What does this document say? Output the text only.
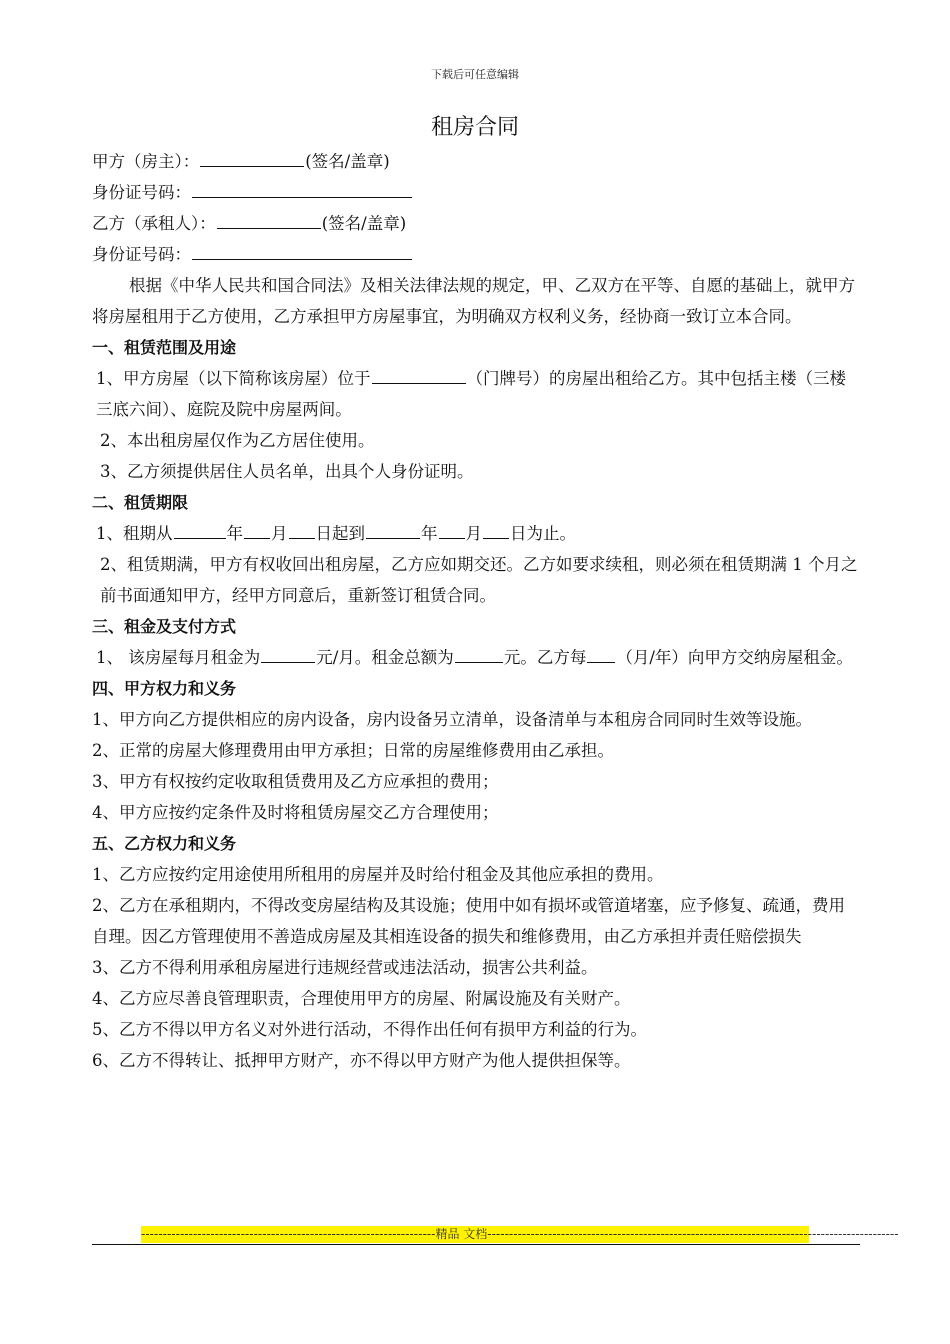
下载后可任意编辑
租房合同

甲方（房主）：	(签名/盖章)

身份证号码：

乙方（承租人）：	(签名/盖章)

身份证号码：

根据《中华人民共和国合同法》及相关法律法规的规定，甲、乙双方在平等、自愿的基础上，就甲方将房屋租用于乙方使用，乙方承担甲方房屋事宜，为明确双方权利义务，经协商一致订立本合同。

一、租赁范围及用途

1、甲方房屋（以下简称该房屋）位于	（门牌号）的房屋出租给乙方。其中包括主楼（三楼三底六间）、庭院及院中房屋两间。

2、本出租房屋仅作为乙方居住使用。

3、乙方须提供居住人员名单，出具个人身份证明。

二、租赁期限

1、租期从	年 月 日起到	年 月 日为止。

2、租赁期满，甲方有权收回出租房屋，乙方应如期交还。乙方如要求续租，则必须在租赁期满 1 个月之前书面通知甲方，经甲方同意后，重新签订租赁合同。

三、租金及支付方式

1、 该房屋每月租金为	元/月。租金总额为	元。乙方每 （月/年）向甲方交纳房屋租金。

四、甲方权力和义务

1、甲方向乙方提供相应的房内设备，房内设备另立清单，设备清单与本租房合同同时生效等设施。

2、正常的房屋大修理费用由甲方承担；日常的房屋维修费用由乙承担。

3、甲方有权按约定收取租赁费用及乙方应承担的费用；

4、甲方应按约定条件及时将租赁房屋交乙方合理使用；

五、乙方权力和义务

1、乙方应按约定用途使用所租用的房屋并及时给付租金及其他应承担的费用。

2、乙方在承租期内，不得改变房屋结构及其设施；使用中如有损坏或管道堵塞，应予修复、疏通，费用自理。因乙方管理使用不善造成房屋及其相连设备的损失和维修费用，由乙方承担并责任赔偿损失

3、乙方不得利用承租房屋进行违规经营或违法活动，损害公共利益。

4、乙方应尽善良管理职责，合理使用甲方的房屋、附属设施及有关财产。

5、乙方不得以甲方名义对外进行活动，不得作出任何有损甲方利益的行为。

6、乙方不得转让、抵押甲方财产，亦不得以甲方财产为他人提供担保等。

--------------------------------------------------------------------精品 文档-----------------------------------------------------------------------------------------------
